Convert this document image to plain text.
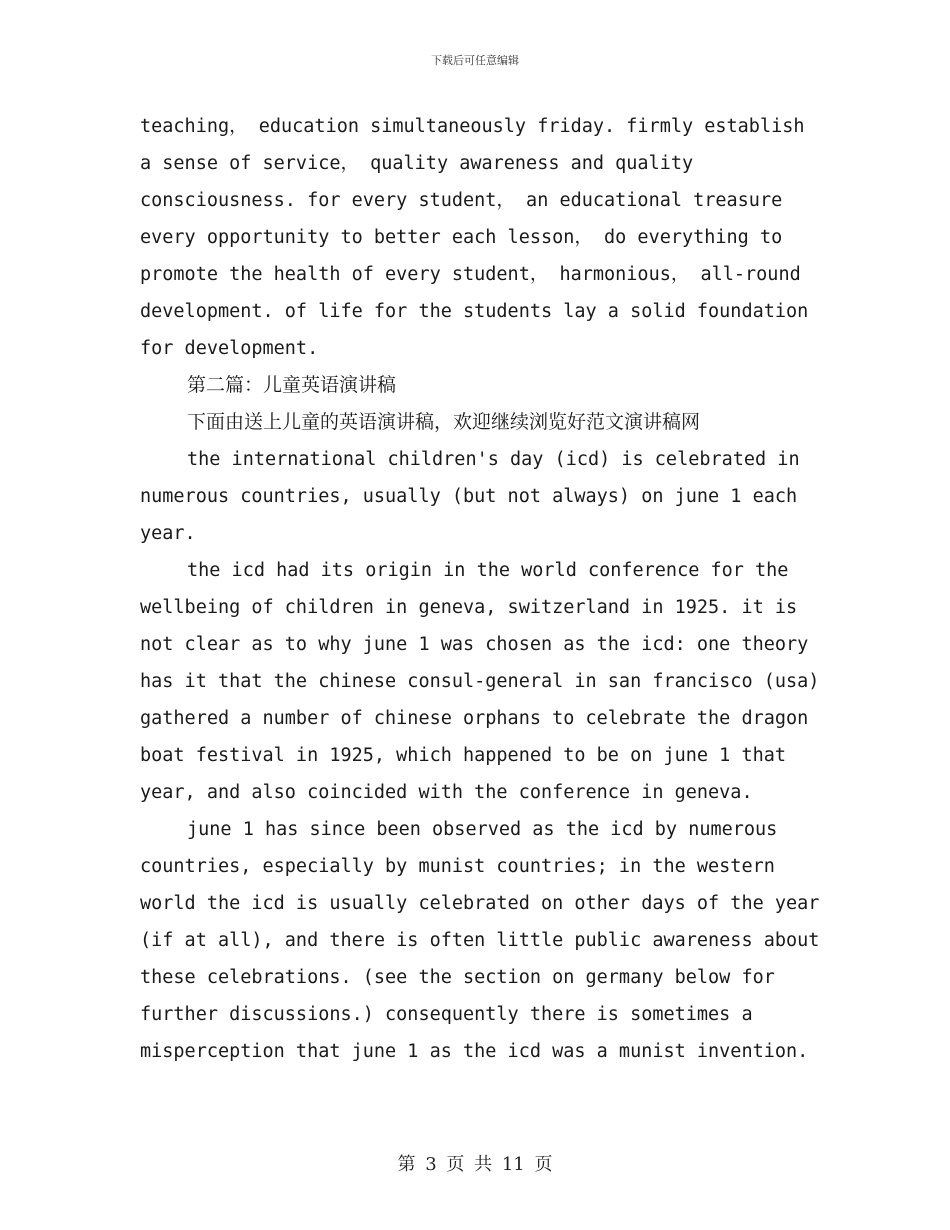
下载后可任意编辑
teaching， education simultaneously friday. firmly establish
a sense of service， quality awareness and quality
consciousness. for every student， an educational treasure
every opportunity to better each lesson， do everything to
promote the health of every student， harmonious， all-round
development. of life for the students lay a solid foundation
for development.
第二篇：儿童英语演讲稿
下面由送上儿童的英语演讲稿，欢迎继续浏览好范文演讲稿网
the international children's day (icd) is celebrated in
numerous countries, usually (but not always) on june 1 each
year.
the icd had its origin in the world conference for the
wellbeing of children in geneva, switzerland in 1925. it is
not clear as to why june 1 was chosen as the icd: one theory
has it that the chinese consul-general in san francisco (usa)
gathered a number of chinese orphans to celebrate the dragon
boat festival in 1925, which happened to be on june 1 that
year, and also coincided with the conference in geneva.
june 1 has since been observed as the icd by numerous
countries, especially by munist countries; in the western
world the icd is usually celebrated on other days of the year
(if at all), and there is often little public awareness about
these celebrations. (see the section on germany below for
further discussions.) consequently there is sometimes a
misperception that june 1 as the icd was a munist invention.
第 3 页 共 11 页
